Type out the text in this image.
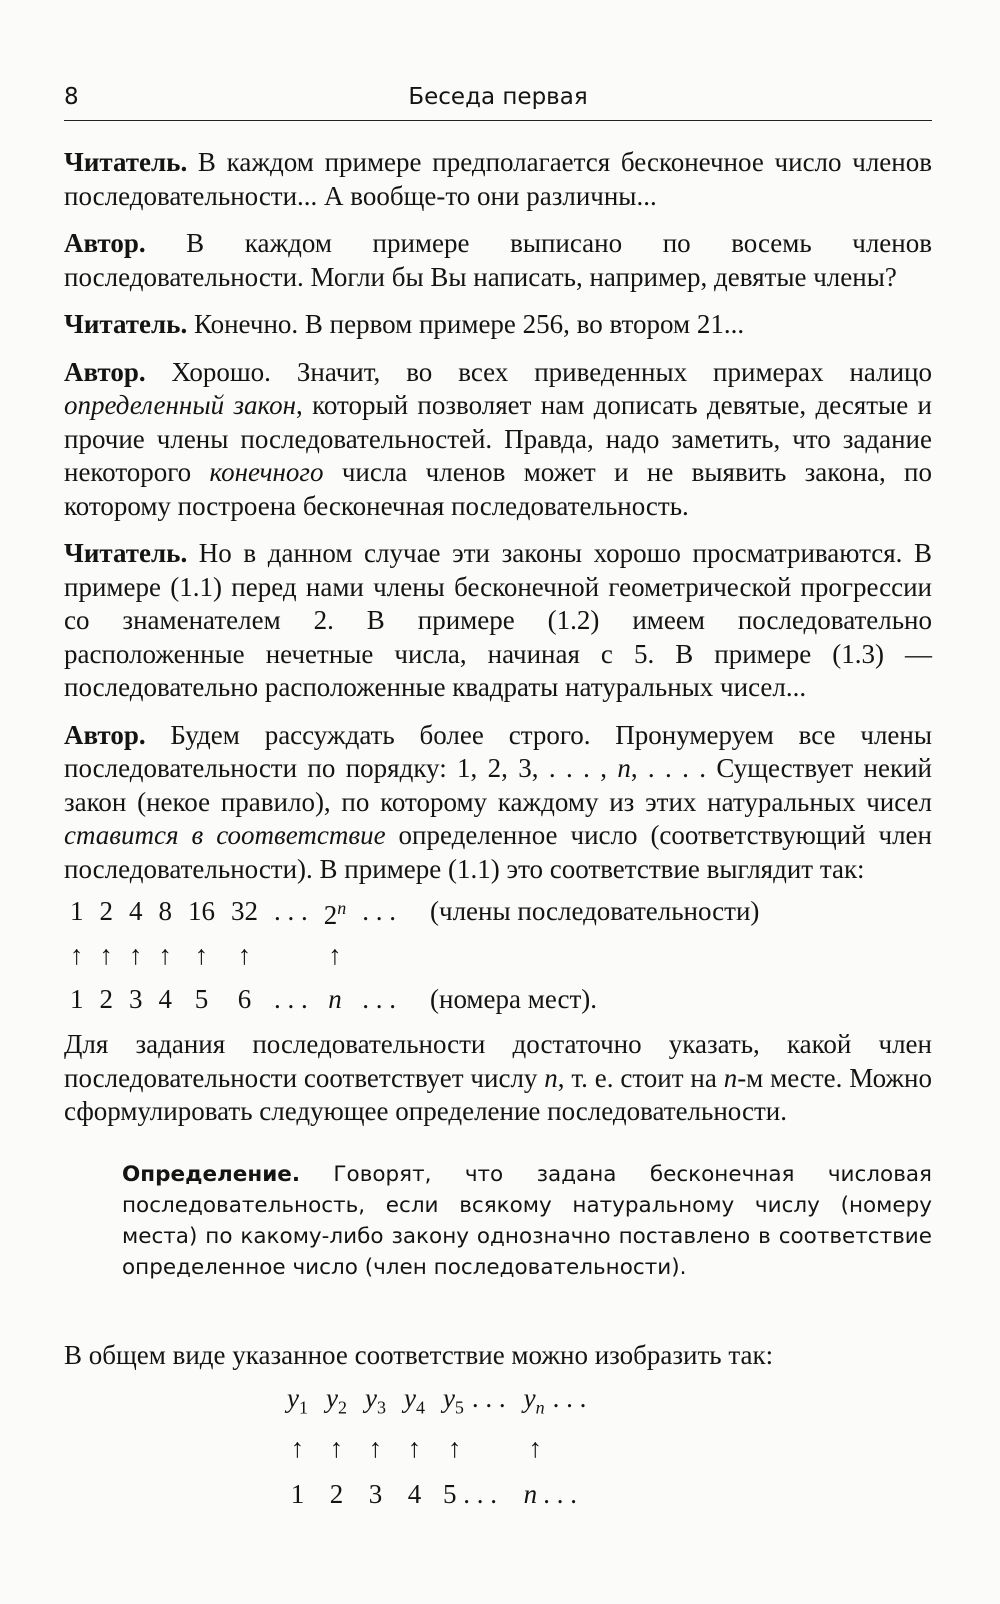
8	Беседа первая

Читатель. В каждом примере предполагается бесконечное число членов последовательности... А вообще-то они различны...

Автор. В каждом примере выписано по восемь членов последовательности. Могли бы Вы написать, например, девятые члены?

Читатель. Конечно. В первом примере 256, во втором 21...

Автор. Хорошо. Значит, во всех приведенных примерах налицо определенный закон, который позволяет нам дописать девятые, десятые и прочие члены последовательностей. Правда, надо заметить, что задание некоторого конечного числа членов может и не выявить закона, по которому построена бесконечная последовательность.

Читатель. Но в данном случае эти законы хорошо просматриваются. В примере (1.1) перед нами члены бесконечной геометрической прогрессии со знаменателем 2. В примере (1.2) имеем последовательно расположенные нечетные числа, начиная с 5. В примере (1.3) — последовательно расположенные квадраты натуральных чисел...

Автор. Будем рассуждать более строго. Пронумеруем все члены последовательности по порядку: 1, 2, 3, . . . , n, . . . . Существует некий закон (некое правило), по которому каждому из этих натуральных чисел ставится в соответствие определенное число (соответствующий член последовательности). В примере (1.1) это соответствие выглядит так:

1	2	4	8	16	32	. . .	2$^n$	. . .	(члены последовательности)
↑	↑	↑	↑	↑	↑		↑		
1	2	3	4	5	6	. . .	n	. . .	(номера мест).

Для задания последовательности достаточно указать, какой член последовательности соответствует числу n, т. е. стоит на n-м месте. Можно сформулировать следующее определение последовательности.

Определение. Говорят, что задана бесконечная числовая последовательность, если всякому натуральному числу (номеру места) по какому-либо закону однозначно поставлено в соответствие определенное число (член последовательности).

В общем виде указанное соответствие можно изобразить так:

$y_1$	$y_2$	$y_3$	$y_4$	$y_5$ . . .	$y_n$ . . .
↑	↑	↑	↑	↑	↑
1	2	3	4	5 . . .	n . . .
